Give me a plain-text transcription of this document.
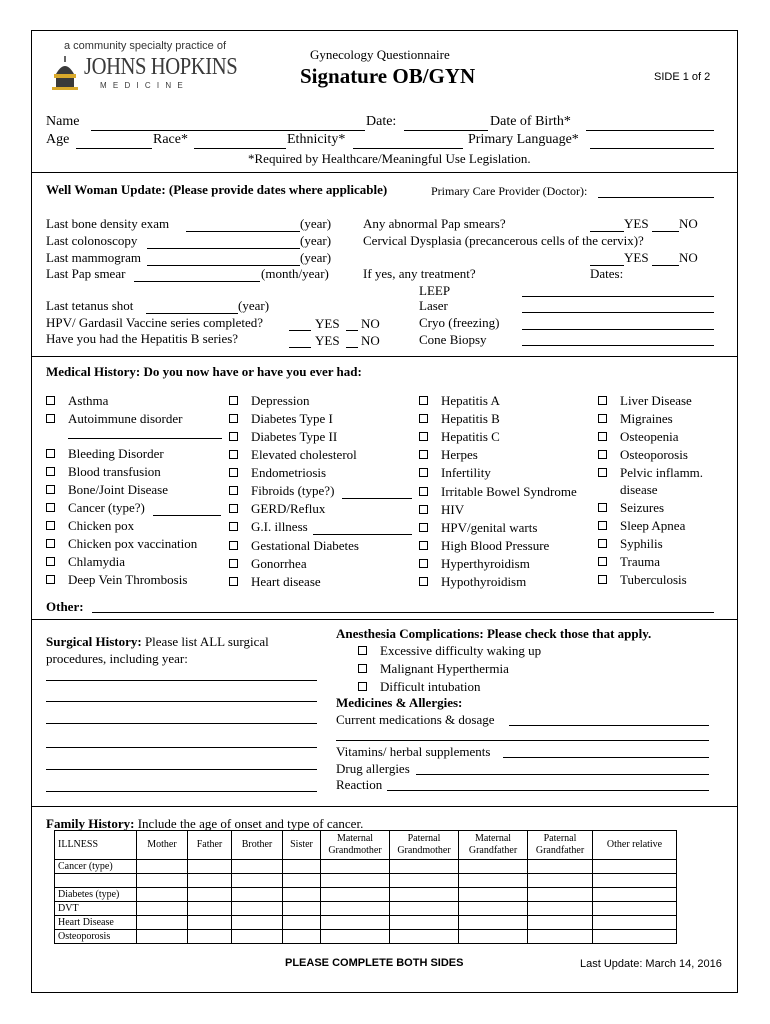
a community specialty practice of
JOHNS HOPKINS
M E D I C I N E
Gynecology Questionnaire
Signature OB/GYN	SIDE 1 of 2
Name	Date:	Date of Birth*
Age	Race*	Ethnicity*	Primary Language*
*Required by Healthcare/Meaningful Use Legislation.
Well Woman Update: (Please provide dates where applicable)	Primary Care Provider (Doctor):
Last bone density exam	(year)
Last colonoscopy	(year)
Last mammogram	(year)
Last Pap smear	(month/year)
Any abnormal Pap smears?	YES NO
Cervical Dysplasia (precancerous cells of the cervix)?
YES NO
If yes, any treatment?	Dates:
LEEP
Laser
Cryo (freezing)
Cone Biopsy
Last tetanus shot	(year)
HPV/ Gardasil Vaccine series completed?	YES NO
Have you had the Hepatitis B series?	YES NO
Medical History: Do you now have or have you ever had:
Asthma
Autoimmune disorder
Bleeding Disorder
Blood transfusion
Bone/Joint Disease
Cancer (type?)
Chicken pox
Chicken pox vaccination
Chlamydia
Deep Vein Thrombosis
Depression
Diabetes Type I
Diabetes Type II
Elevated cholesterol
Endometriosis
Fibroids (type?)
GERD/Reflux
G.I. illness
Gestational Diabetes
Gonorrhea
Heart disease
Hepatitis A
Hepatitis B
Hepatitis C
Herpes
Infertility
Irritable Bowel Syndrome
HIV
HPV/genital warts
High Blood Pressure
Hyperthyroidism
Hypothyroidism
Liver Disease
Migraines
Osteopenia
Osteoporosis
Pelvic inflamm.
disease
Seizures
Sleep Apnea
Syphilis
Trauma
Tuberculosis
Other:
Surgical History: Please list ALL surgical
procedures, including year:
Anesthesia Complications: Please check those that apply.
Excessive difficulty waking up
Malignant Hyperthermia
Difficult intubation
Medicines & Allergies:
Current medications & dosage
Vitamins/ herbal supplements
Drug allergies
Reaction
Family History: Include the age of onset and type of cancer.
ILLNESS	Mother	Father	Brother	Sister	Maternal Grandmother	Paternal Grandmother	Maternal Grandfather	Paternal Grandfather	Other relative
Cancer (type)									

Diabetes (type)									
DVT									
Heart Disease									
Osteoporosis									
PLEASE COMPLETE BOTH SIDES	Last Update: March 14, 2016
